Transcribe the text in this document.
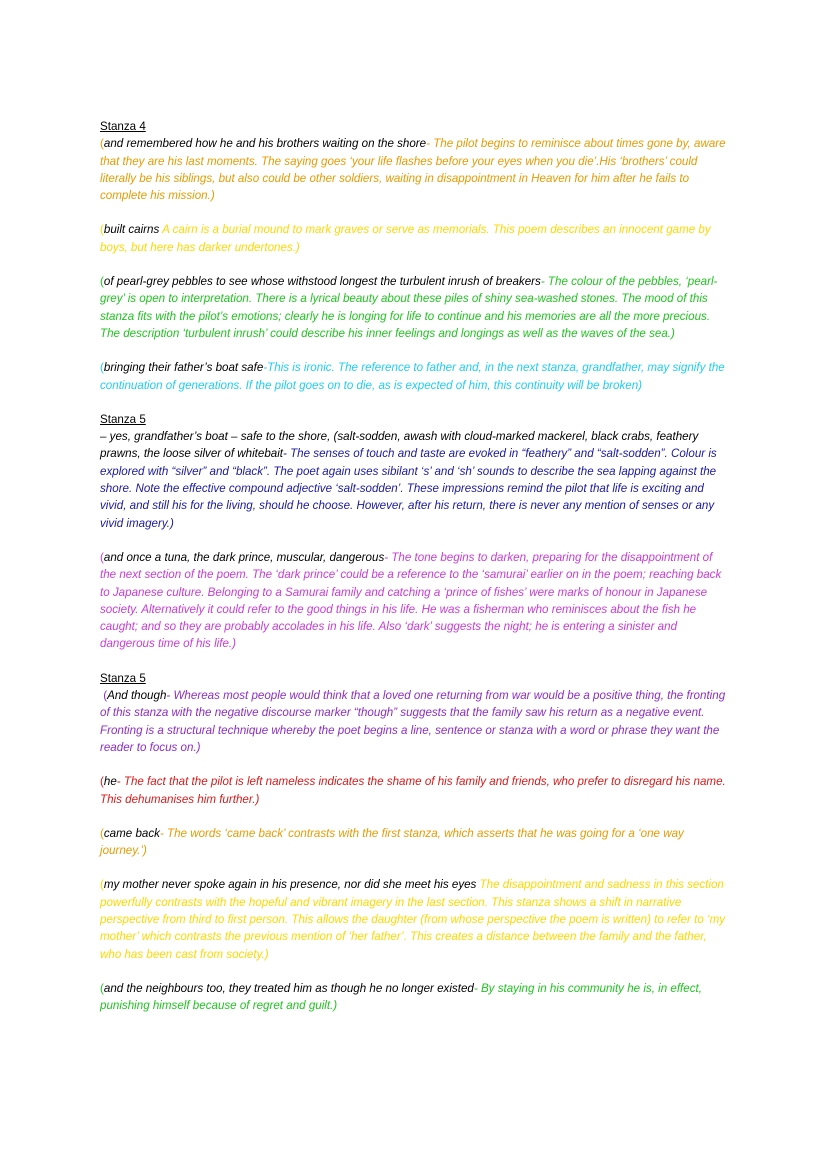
Stanza 4

(and remembered how he and his brothers waiting on the shore- The pilot begins to reminisce about times gone by, aware that they are his last moments. The saying goes ‘your life flashes before your eyes when you die’.His ‘brothers’ could literally be his siblings, but also could be other soldiers, waiting in disappointment in Heaven for him after he fails to complete his mission.)

(built cairns A cairn is a burial mound to mark graves or serve as memorials. This poem describes an innocent game by boys, but here has darker undertones.)

(of pearl-grey pebbles to see whose withstood longest the turbulent inrush of breakers- The colour of the pebbles, ‘pearl-grey’ is open to interpretation. There is a lyrical beauty about these piles of shiny sea-washed stones. The mood of this stanza fits with the pilot’s emotions; clearly he is longing for life to continue and his memories are all the more precious. The description ‘turbulent inrush’ could describe his inner feelings and longings as well as the waves of the sea.)

(bringing their father’s boat safe-This is ironic. The reference to father and, in the next stanza, grandfather, may signify the continuation of generations. If the pilot goes on to die, as is expected of him, this continuity will be broken)

Stanza 5

– yes, grandfather’s boat – safe to the shore, (salt-sodden, awash with cloud-marked mackerel, black crabs, feathery prawns, the loose silver of whitebait- The senses of touch and taste are evoked in “feathery” and “salt-sodden”. Colour is explored with “silver” and “black”. The poet again uses sibilant ‘s’ and ‘sh’ sounds to describe the sea lapping against the shore. Note the effective compound adjective ‘salt-sodden’. These impressions remind the pilot that life is exciting and vivid, and still his for the living, should he choose. However, after his return, there is never any mention of senses or any vivid imagery.)

(and once a tuna, the dark prince, muscular, dangerous- The tone begins to darken, preparing for the disappointment of the next section of the poem. The ‘dark prince’ could be a reference to the ‘samurai’ earlier on in the poem; reaching back to Japanese culture. Belonging to a Samurai family and catching a ‘prince of fishes’ were marks of honour in Japanese society. Alternatively it could refer to the good things in his life. He was a fisherman who reminisces about the fish he caught; and so they are probably accolades in his life. Also ‘dark’ suggests the night; he is entering a sinister and dangerous time of his life.)

Stanza 5

(And though- Whereas most people would think that a loved one returning from war would be a positive thing, the fronting of this stanza with the negative discourse marker “though” suggests that the family saw his return as a negative event. Fronting is a structural technique whereby the poet begins a line, sentence or stanza with a word or phrase they want the reader to focus on.)

(he- The fact that the pilot is left nameless indicates the shame of his family and friends, who prefer to disregard his name. This dehumanises him further.)

(came back- The words ‘came back’ contrasts with the first stanza, which asserts that he was going for a ‘one way journey.’)

(my mother never spoke again in his presence, nor did she meet his eyes The disappointment and sadness in this section powerfully contrasts with the hopeful and vibrant imagery in the last section. This stanza shows a shift in narrative perspective from third to first person. This allows the daughter (from whose perspective the poem is written) to refer to ‘my mother’ which contrasts the previous mention of ‘her father’. This creates a distance between the family and the father, who has been cast from society.)

(and the neighbours too, they treated him as though he no longer existed- By staying in his community he is, in effect, punishing himself because of regret and guilt.)
